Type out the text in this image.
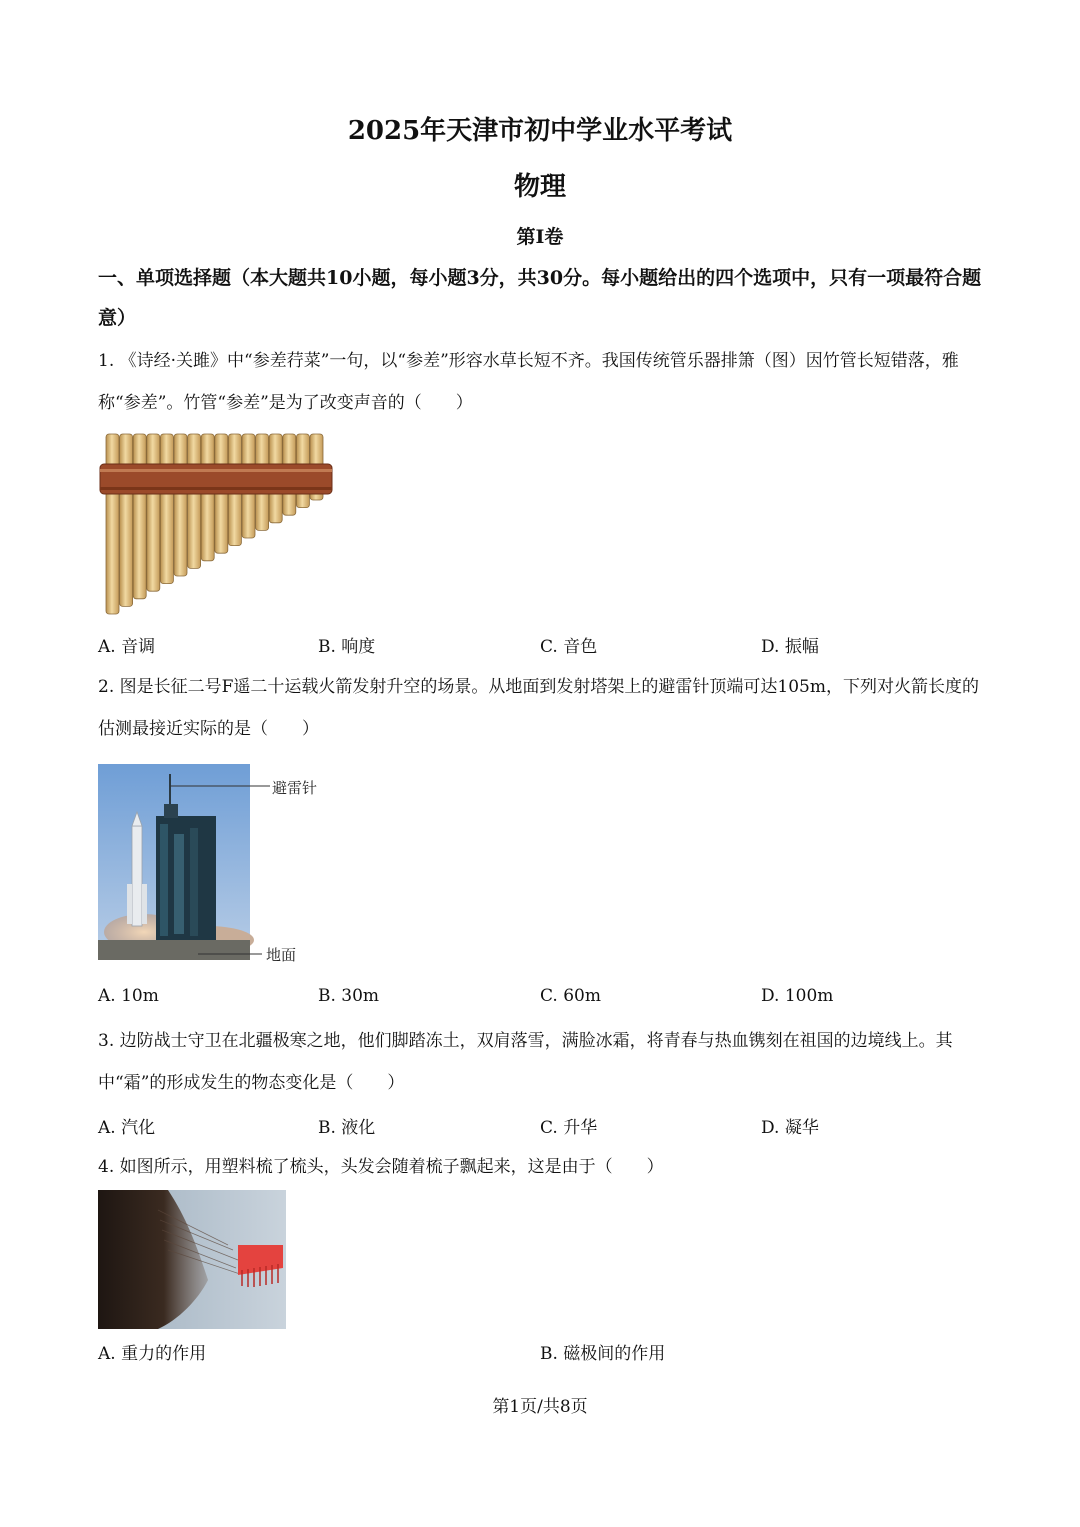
2025年天津市初中学业水平考试
物理
第I卷
一、单项选择题（本大题共10小题，每小题3分，共30分。每小题给出的四个选项中，只有一项最符合题意）
1. 《诗经·关雎》中“参差荇菜”一句，以“参差”形容水草长短不齐。我国传统管乐器排箫（图）因竹管长短错落，雅称“参差”。竹管“参差”是为了改变声音的（　　）
A. 音调	B. 响度	C. 音色	D. 振幅
2. 图是长征二号F遥二十运载火箭发射升空的场景。从地面到发射塔架上的避雷针顶端可达105m，下列对火箭长度的估测最接近实际的是（　　）
避雷针
地面
A. 10m	B. 30m	C. 60m	D. 100m
3. 边防战士守卫在北疆极寒之地，他们脚踏冻土，双肩落雪，满脸冰霜，将青春与热血镌刻在祖国的边境线上。其中“霜”的形成发生的物态变化是（　　）
A. 汽化	B. 液化	C. 升华	D. 凝华
4. 如图所示，用塑料梳了梳头，头发会随着梳子飘起来，这是由于（　　）
A. 重力的作用	B. 磁极间的作用
第1页/共8页
